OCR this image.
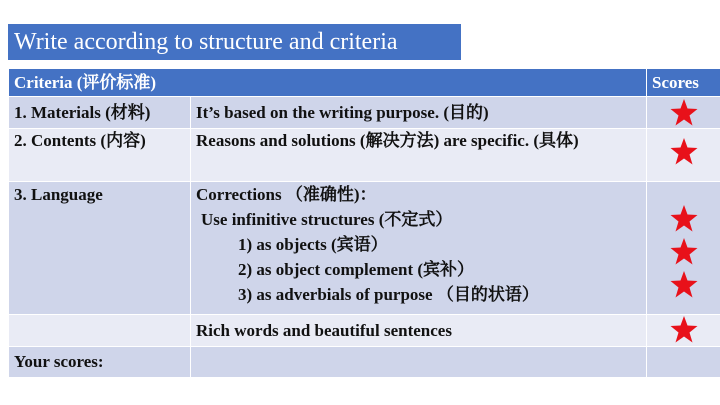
Write according to structure and criteria
Criteria (评价标准)		Scores
1. Materials (材料)	It’s based on the writing purpose. (目的)	

2. Contents (内容)	Reasons and solutions (解决方法) are specific. (具体)	

3. Language	Corrections （准确性)：
Use infinitive structures (不定式）
1) as objects (宾语）
2) as object complement (宾补）
3) as adverbials of purpose （目的状语）

	Rich words and beautiful sentences	

Your scores:		
